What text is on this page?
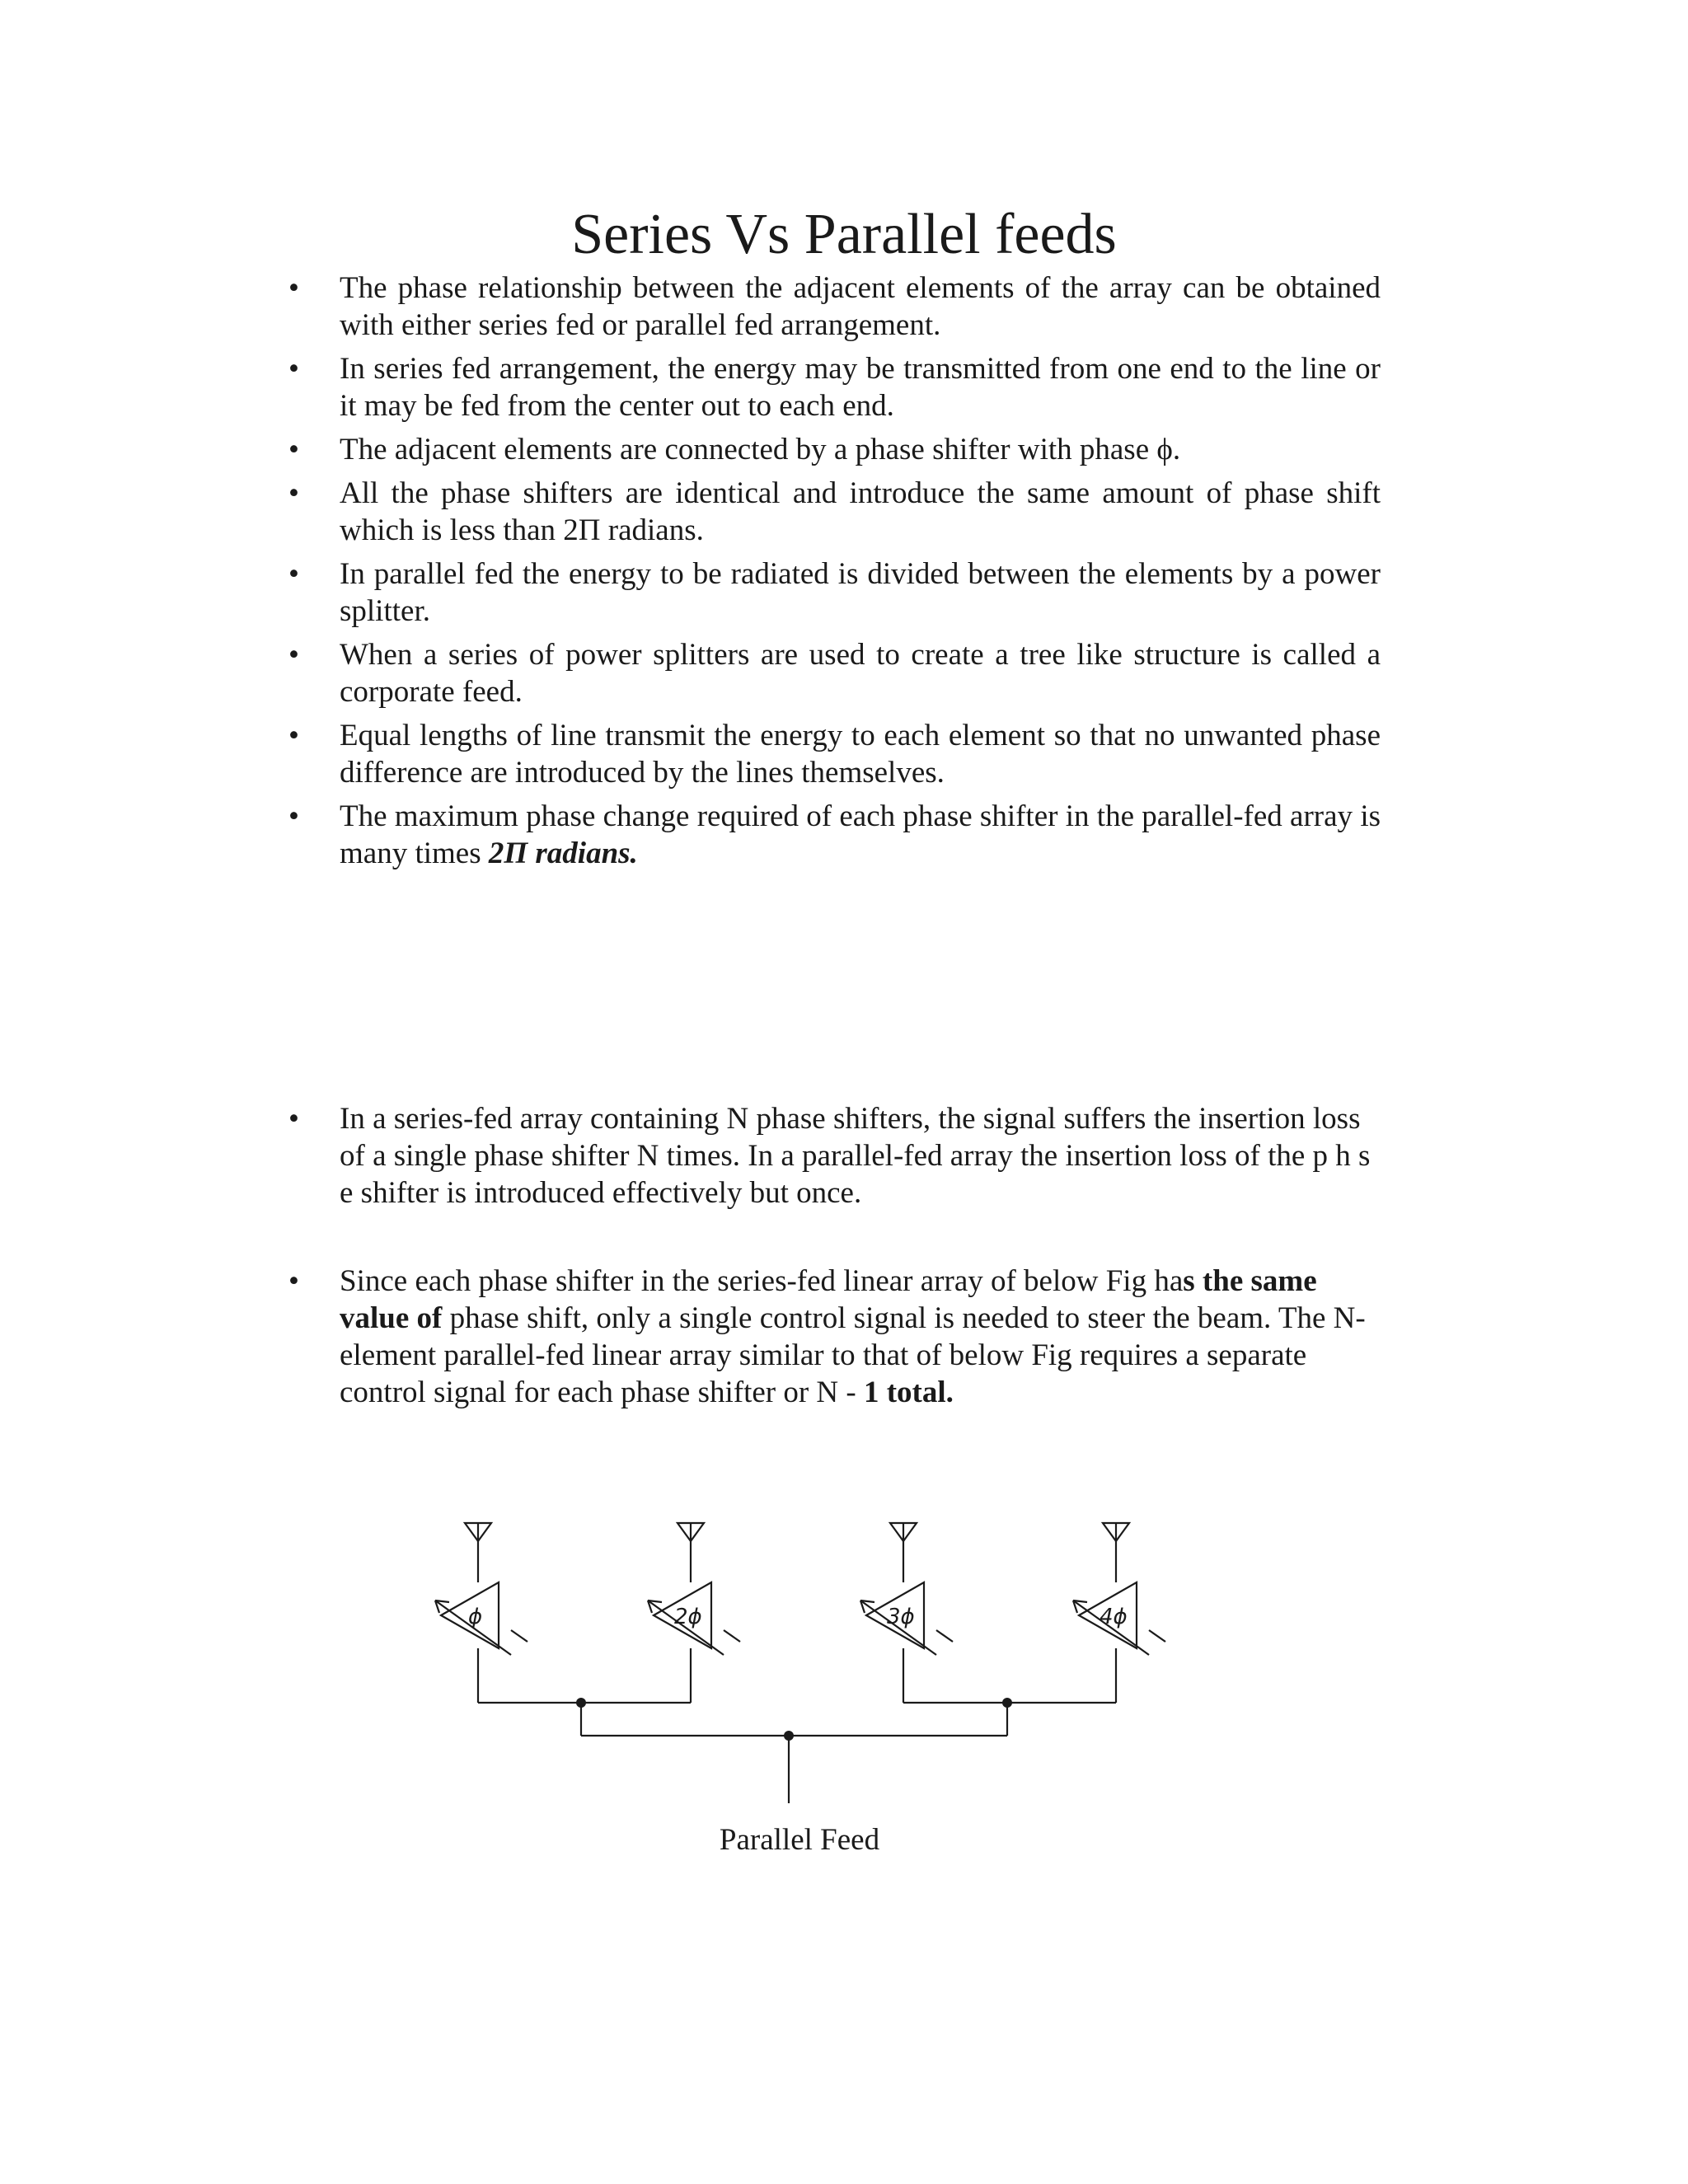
Series Vs Parallel feeds
•	The phase relationship between the adjacent elements of the array can be obtained with either series fed or parallel fed arrangement.
•	In series fed arrangement, the energy may be transmitted from one end to the line or it may be fed from the center out to each end.
•	The adjacent elements are connected by a phase shifter with phase ϕ.
•	All the phase shifters are identical and introduce the same amount of phase shift which is less than 2Π radians.
•	In parallel fed the energy to be radiated is divided between the elements by a power splitter.
•	When a series of power splitters are used to create a tree like structure is called a corporate feed.
•	Equal lengths of line transmit the energy to each element so that no unwanted phase difference are introduced by the lines themselves.
•	The maximum phase change required of each phase shifter in the parallel-fed array is many times 2Π radians.
•	In a series-fed array containing N phase shifters, the signal suffers the insertion loss of a single phase shifter N times. In a parallel-fed array the insertion loss of the p h s e shifter is introduced effectively but once.
•	Since each phase shifter in the series-fed linear array of below Fig has the same value of phase shift, only a single control signal is needed to steer the beam. The N-element parallel-fed linear array similar to that of below Fig requires a separate control signal for each phase shifter or N - 1 total.
ϕ	2ϕ	3ϕ	4ϕ
Parallel Feed
